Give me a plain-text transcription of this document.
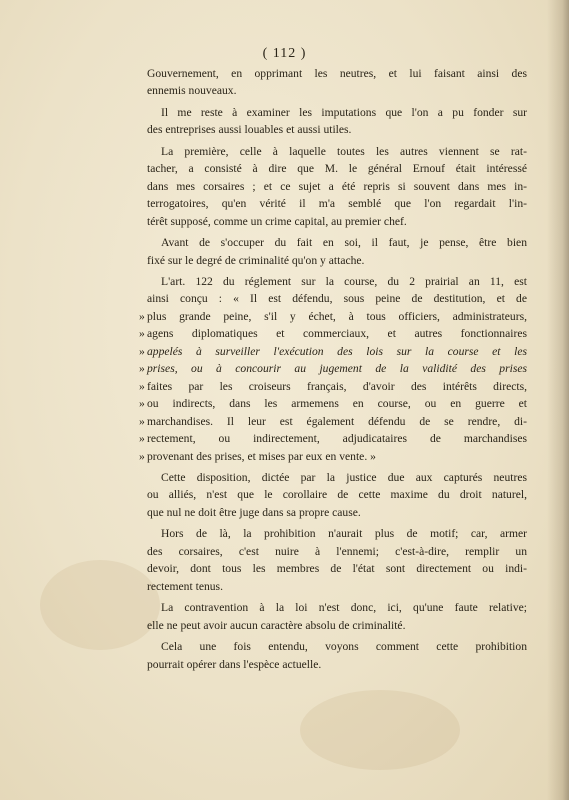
( 112 )
Gouvernement, en opprimant les neutres, et lui faisant ainsi des
ennemis nouveaux.
Il me reste à examiner les imputations que l'on a pu fonder sur
des entreprises aussi louables et aussi utiles.
La première, celle à laquelle toutes les autres viennent se rat-
tacher, a consisté à dire que M. le général Ernouf était intéressé
dans mes corsaires ; et ce sujet a été repris si souvent dans mes in-
terrogatoires, qu'en vérité il m'a semblé que l'on regardait l'in-
térêt supposé, comme un crime capital, au premier chef.
Avant de s'occuper du fait en soi, il faut, je pense, être bien
fixé sur le degré de criminalité qu'on y attache.
L'art. 122 du réglement sur la course, du 2 prairial an 11, est
ainsi conçu : « Il est défendu, sous peine de destitution, et de
» plus grande peine, s'il y échet, à tous officiers, administrateurs,
» agens diplomatiques et commerciaux, et autres fonctionnaires
» appelés à surveiller l'exécution des lois sur la course et les
» prises, ou à concourir au jugement de la validité des prises
» faites par les croiseurs français, d'avoir des intérêts directs,
» ou indirects, dans les armemens en course, ou en guerre et
» marchandises. Il leur est également défendu de se rendre, di-
» rectement, ou indirectement, adjudicataires de marchandises
» provenant des prises, et mises par eux en vente. »
Cette disposition, dictée par la justice due aux capturés neutres
ou alliés, n'est que le corollaire de cette maxime du droit naturel,
que nul ne doit être juge dans sa propre cause.
Hors de là, la prohibition n'aurait plus de motif; car, armer
des corsaires, c'est nuire à l'ennemi; c'est-à-dire, remplir un
devoir, dont tous les membres de l'état sont directement ou indi-
rectement tenus.
La contravention à la loi n'est donc, ici, qu'une faute relative;
elle ne peut avoir aucun caractère absolu de criminalité.
Cela une fois entendu, voyons comment cette prohibition
pourrait opérer dans l'espèce actuelle.
